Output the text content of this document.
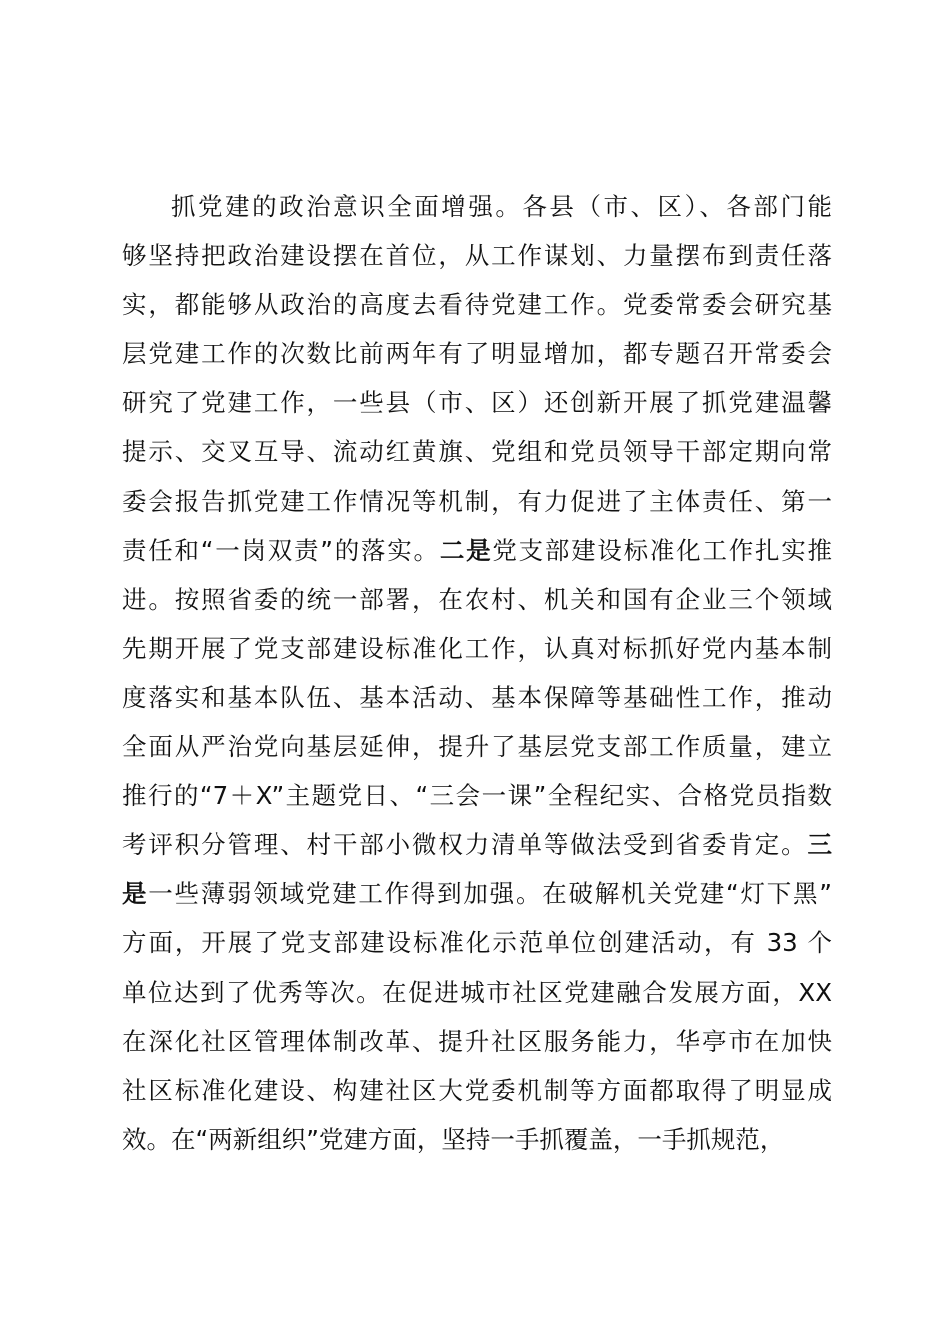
抓党建的政治意识全面增强。各县（市、区）、各部门能
够坚持把政治建设摆在首位，从工作谋划、力量摆布到责任落
实，都能够从政治的高度去看待党建工作。党委常委会研究基
层党建工作的次数比前两年有了明显增加，都专题召开常委会
研究了党建工作，一些县（市、区）还创新开展了抓党建温馨
提示、交叉互导、流动红黄旗、党组和党员领导干部定期向常
委会报告抓党建工作情况等机制，有力促进了主体责任、第一
责任和“一岗双责”的落实。二是党支部建设标准化工作扎实推
进。按照省委的统一部署，在农村、机关和国有企业三个领域
先期开展了党支部建设标准化工作，认真对标抓好党内基本制
度落实和基本队伍、基本活动、基本保障等基础性工作，推动
全面从严治党向基层延伸，提升了基层党支部工作质量，建立
推行的“7＋X”主题党日、“三会一课”全程纪实、合格党员指数
考评积分管理、村干部小微权力清单等做法受到省委肯定。三
是一些薄弱领域党建工作得到加强。在破解机关党建“灯下黑”
方面，开展了党支部建设标准化示范单位创建活动，有 33 个
单位达到了优秀等次。在促进城市社区党建融合发展方面，XX
在深化社区管理体制改革、提升社区服务能力，华亭市在加快
社区标准化建设、构建社区大党委机制等方面都取得了明显成
效。在“两新组织”党建方面，坚持一手抓覆盖，一手抓规范，
